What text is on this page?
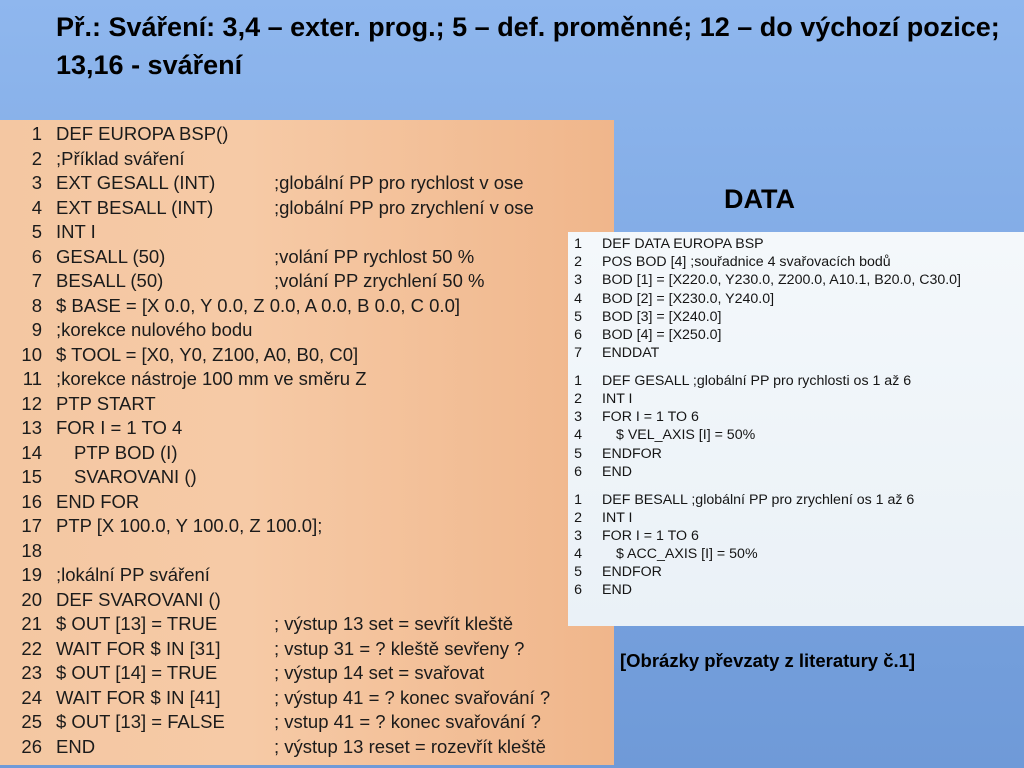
Př.: Sváření: 3,4 – exter. prog.; 5 – def. proměnné; 12 – do výchozí pozice; 13,16 - sváření
1 DEF EUROPA BSP()
2 ;Příklad sváření
3 EXT GESALL (INT)	;globální PP pro rychlost v ose
4 EXT BESALL (INT)	;globální PP pro zrychlení v ose
5 INT I
6 GESALL (50)	;volání PP rychlost 50 %
7 BESALL (50)	;volání PP zrychlení 50 %
8 $ BASE = [X 0.0, Y 0.0, Z 0.0, A 0.0, B 0.0, C 0.0]
9 ;korekce nulového bodu
10 $ TOOL = [X0, Y0, Z100, A0, B0, C0]
11 ;korekce nástroje 100 mm ve směru Z
12 PTP START
13 FOR I = 1 TO 4
14	PTP BOD (I)
15	SVAROVANI ()
16 END FOR
17 PTP [X 100.0, Y 100.0, Z 100.0];
18
19 ;lokální PP sváření
20 DEF SVAROVANI ()
21 $ OUT [13] = TRUE	; výstup 13 set = sevřít kleště
22 WAIT FOR $ IN [31]	; vstup 31 = ? kleště sevřeny ?
23 $ OUT [14] = TRUE	; výstup 14 set = svařovat
24 WAIT FOR $ IN [41]	; výstup 41 = ? konec svařování ?
25 $ OUT [13] = FALSE	; vstup 41 = ? konec svařování ?
26 END	; výstup 13 reset = rozevřít kleště
DATA
1	DEF DATA EUROPA BSP
2	POS BOD [4] ;souřadnice 4 svařovacích bodů
3	BOD [1] = [X220.0, Y230.0, Z200.0, A10.1, B20.0, C30.0]
4	BOD [2] = [X230.0, Y240.0]
5	BOD [3] = [X240.0]
6	BOD [4] = [X250.0]
7	ENDDAT
1	DEF GESALL ;globální PP pro rychlosti os 1 až 6
2	INT I
3	FOR I = 1 TO 6
4	$ VEL_AXIS [I] = 50%
5	ENDFOR
6	END
1	DEF BESALL ;globální PP pro zrychlení os 1 až 6
2	INT I
3	FOR I = 1 TO 6
4	$ ACC_AXIS [I] = 50%
5	ENDFOR
6	END
[Obrázky převzaty z literatury č.1]
